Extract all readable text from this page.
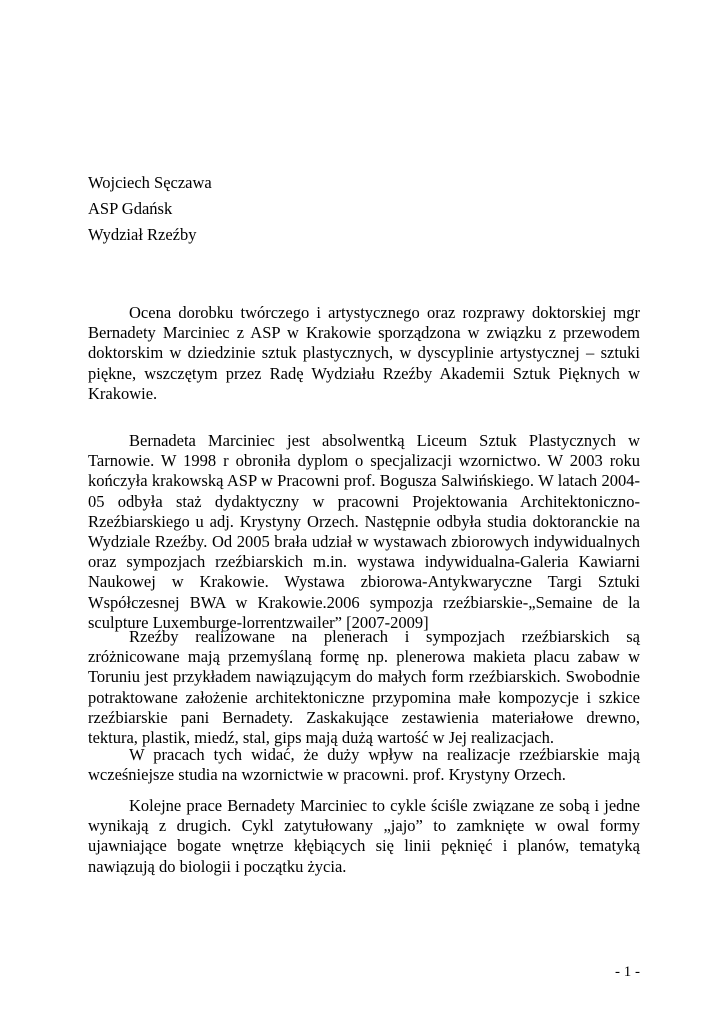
Wojciech Sęczawa
ASP Gdańsk
Wydział Rzeźby

Ocena dorobku twórczego i artystycznego oraz rozprawy doktorskiej mgr Bernadety Marciniec z ASP w Krakowie sporządzona w związku z przewodem doktorskim w dziedzinie sztuk plastycznych, w dyscyplinie artystycznej – sztuki piękne, wszczętym przez Radę Wydziału Rzeźby Akademii Sztuk Pięknych w Krakowie.

Bernadeta Marciniec jest absolwentką Liceum Sztuk Plastycznych w Tarnowie. W 1998 r obroniła dyplom o specjalizacji wzornictwo. W 2003 roku kończyła krakowską ASP w Pracowni prof. Bogusza Salwińskiego. W latach 2004-05 odbyła staż dydaktyczny w pracowni Projektowania Architektoniczno-Rzeźbiarskiego u adj. Krystyny Orzech. Następnie odbyła studia doktoranckie na Wydziale Rzeźby. Od 2005 brała udział w wystawach zbiorowych indywidualnych oraz sympozjach rzeźbiarskich m.in. wystawa indywidualna-Galeria Kawiarni Naukowej w Krakowie. Wystawa zbiorowa-Antykwaryczne Targi Sztuki Współczesnej BWA w Krakowie.2006 sympozja rzeźbiarskie-„Semaine de la sculpture Luxemburge-lorrentzwailer” [2007-2009]

Rzeźby realizowane na plenerach i sympozjach rzeźbiarskich są zróżnicowane mają przemyślaną formę np. plenerowa makieta placu zabaw w Toruniu jest przykładem nawiązującym do małych form rzeźbiarskich. Swobodnie potraktowane założenie architektoniczne przypomina małe kompozycje i szkice rzeźbiarskie pani Bernadety. Zaskakujące zestawienia materiałowe drewno, tektura, plastik, miedź, stal, gips mają dużą wartość w Jej realizacjach.

W pracach tych widać, że duży wpływ na realizacje rzeźbiarskie mają wcześniejsze studia na wzornictwie w pracowni. prof. Krystyny Orzech.

Kolejne prace Bernadety Marciniec to cykle ściśle związane ze sobą i jedne wynikają z drugich. Cykl zatytułowany „jajo” to zamknięte w owal formy ujawniające bogate wnętrze kłębiących się linii pęknięć i planów, tematyką nawiązują do biologii i początku życia.

- 1 -
